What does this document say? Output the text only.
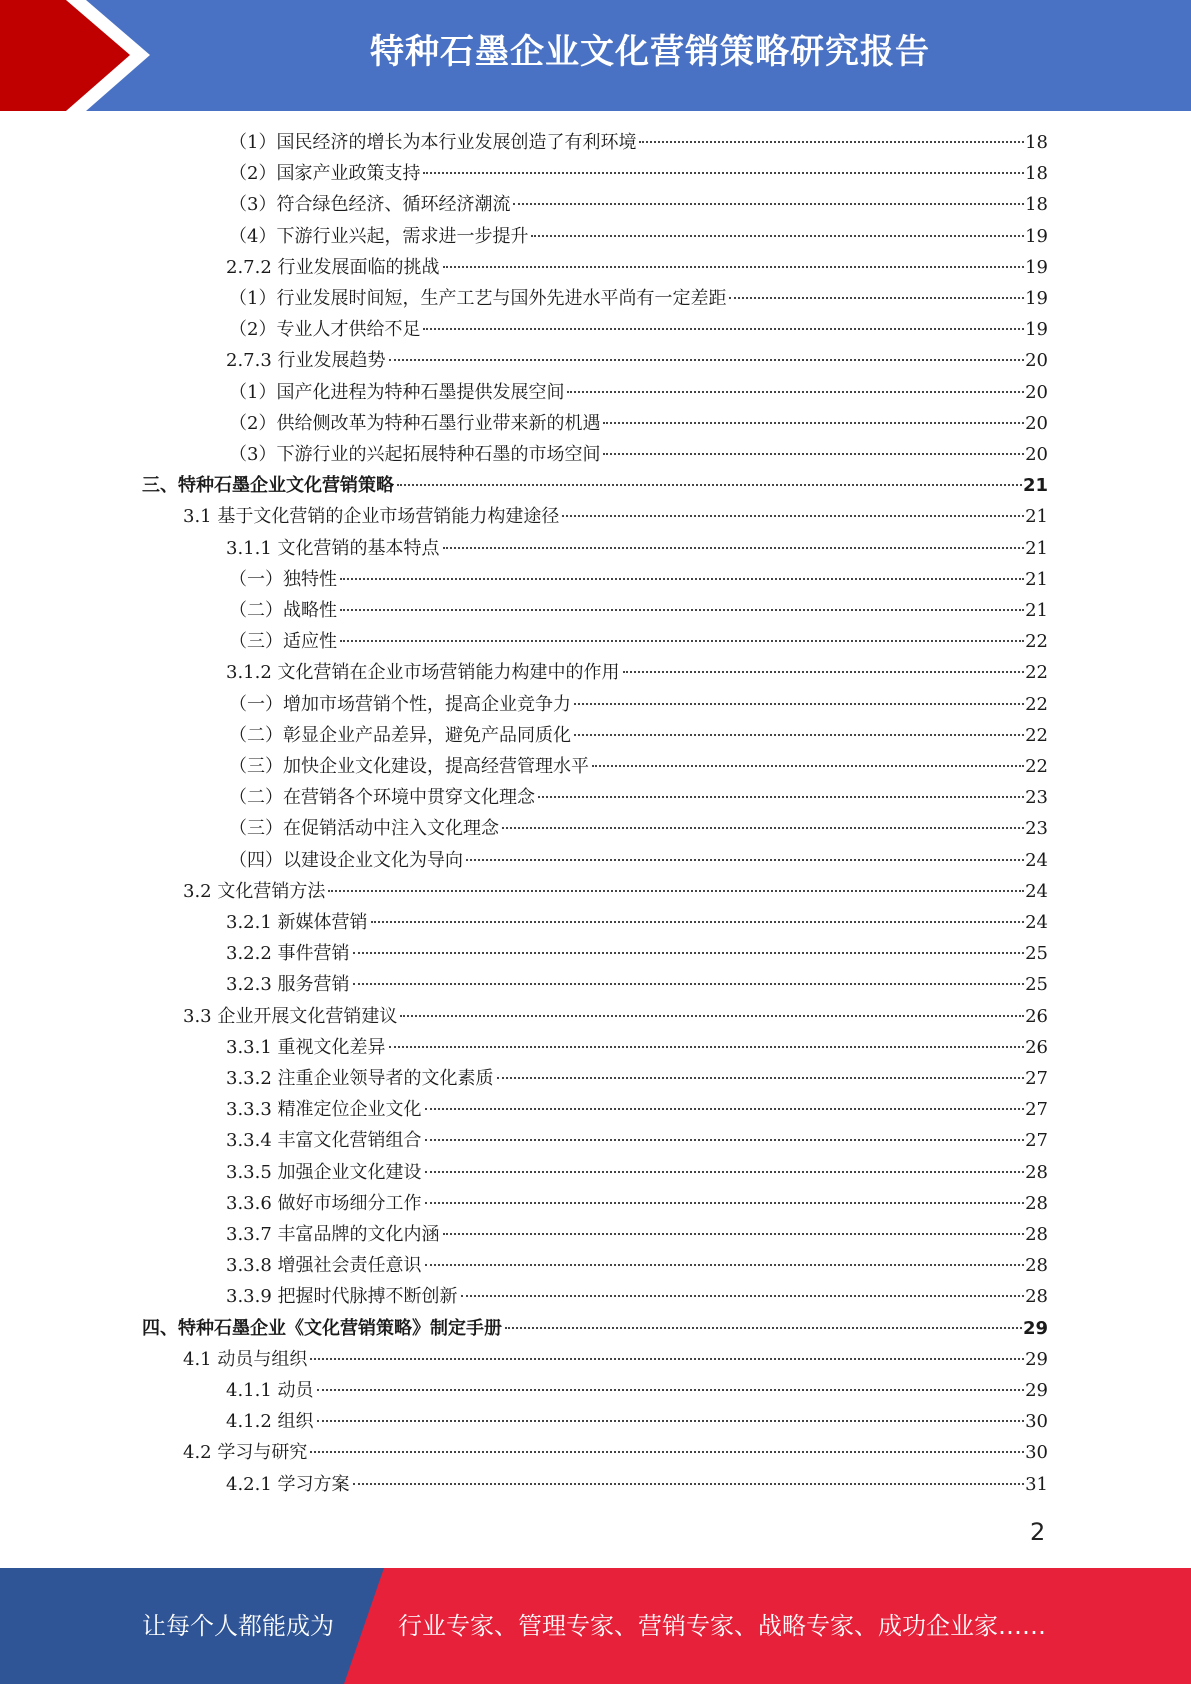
特种石墨企业文化营销策略研究报告
（1）国民经济的增长为本行业发展创造了有利环境	18
（2）国家产业政策支持	18
（3）符合绿色经济、循环经济潮流	18
（4）下游行业兴起，需求进一步提升	19
2.7.2 行业发展面临的挑战	19
（1）行业发展时间短，生产工艺与国外先进水平尚有一定差距	19
（2）专业人才供给不足	19
2.7.3 行业发展趋势	20
（1）国产化进程为特种石墨提供发展空间	20
（2）供给侧改革为特种石墨行业带来新的机遇	20
（3）下游行业的兴起拓展特种石墨的市场空间	20
三、特种石墨企业文化营销策略	21
3.1 基于文化营销的企业市场营销能力构建途径	21
3.1.1 文化营销的基本特点	21
（一）独特性	21
（二）战略性	21
（三）适应性	22
3.1.2 文化营销在企业市场营销能力构建中的作用	22
（一）增加市场营销个性，提高企业竞争力	22
（二）彰显企业产品差异，避免产品同质化	22
（三）加快企业文化建设，提高经营管理水平	22
（二）在营销各个环境中贯穿文化理念	23
（三）在促销活动中注入文化理念	23
（四）以建设企业文化为导向	24
3.2 文化营销方法	24
3.2.1 新媒体营销	24
3.2.2 事件营销	25
3.2.3 服务营销	25
3.3 企业开展文化营销建议	26
3.3.1 重视文化差异	26
3.3.2 注重企业领导者的文化素质	27
3.3.3 精准定位企业文化	27
3.3.4 丰富文化营销组合	27
3.3.5 加强企业文化建设	28
3.3.6 做好市场细分工作	28
3.3.7 丰富品牌的文化内涵	28
3.3.8 增强社会责任意识	28
3.3.9 把握时代脉搏不断创新	28
四、特种石墨企业《文化营销策略》制定手册	29
4.1 动员与组织	29
4.1.1 动员	29
4.1.2 组织	30
4.2 学习与研究	30
4.2.1 学习方案	31
2
让每个人都能成为	行业专家、管理专家、营销专家、战略专家、成功企业家……
